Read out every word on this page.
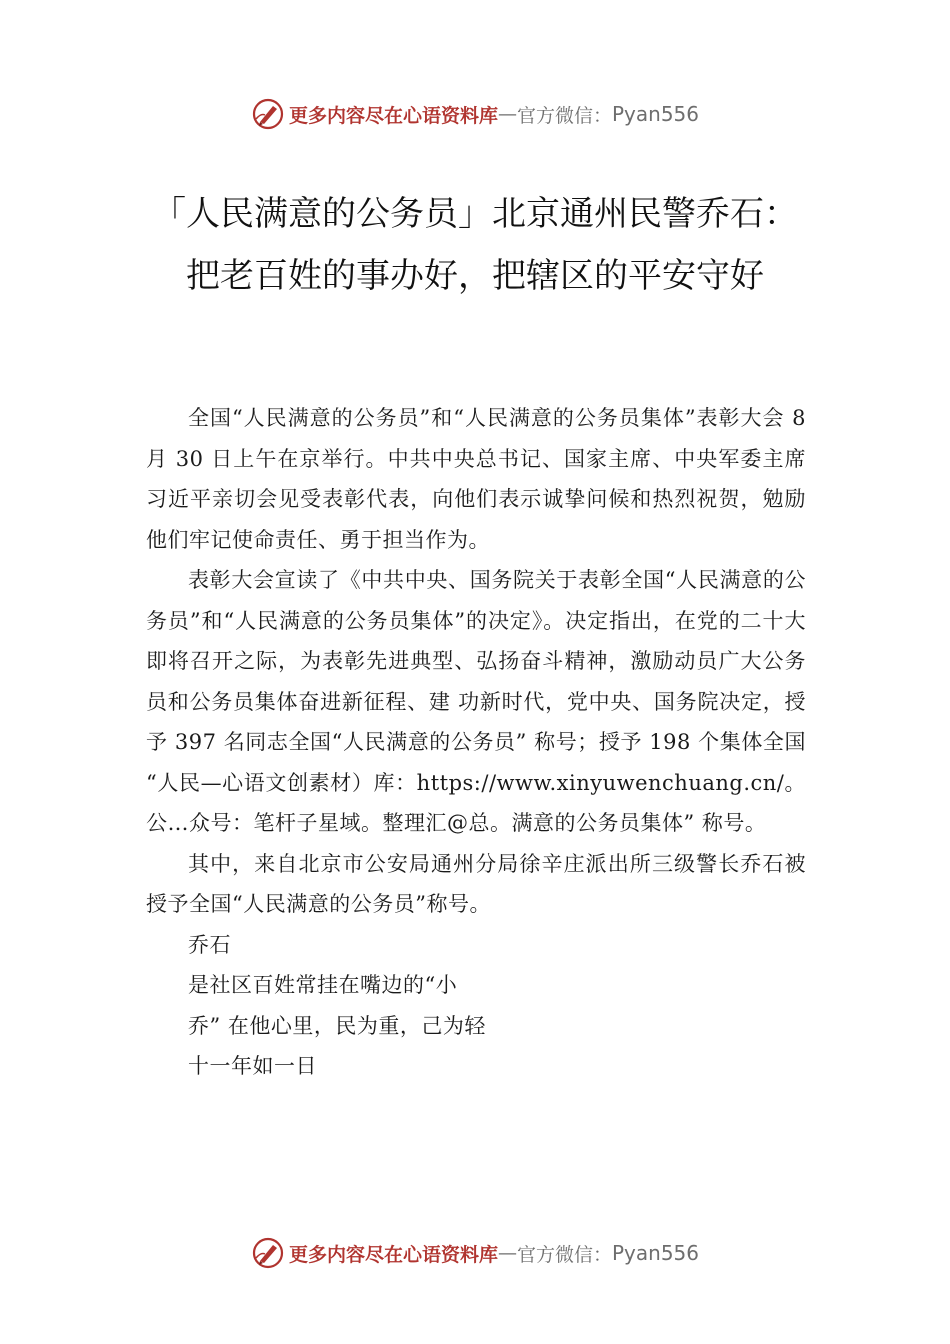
更多内容尽在心语资料库 — 官方微信： Pyan556
「人民满意的公务员」北京通州民警乔石：把老百姓的事办好，把辖区的平安守好

全国“人民满意的公务员”和“人民满意的公务员集体”表彰大会 8 月 30 日上午在京举行。中共中央总书记、国家主席、中央军委主席习近平亲切会见受表彰代表，向他们表示诚挚问候和热烈祝贺，勉励他们牢记使命责任、勇于担当作为。

表彰大会宣读了《中共中央、国务院关于表彰全国“人民满意的公务员”和“人民满意的公务员集体”的决定》。决定指出，在党的二十大即将召开之际，为表彰先进典型、弘扬奋斗精神，激励动员广大公务员和公务员集体奋进新征程、建 功新时代，党中央、国务院决定，授予 397 名同志全国“人民满意的公务员” 称号；授予 198 个集体全国 “人民—心语文创素材）库：https://www.xinyuwenchuang.cn/。公…众号：笔杆子星域。整理汇@总。满意的公务员集体” 称号。

其中，来自北京市公安局通州分局徐辛庄派出所三级警长乔石被授予全国“人民满意的公务员”称号。

乔石

是社区百姓常挂在嘴边的“小

乔” 在他心里，民为重，己为轻

十一年如一日

更多内容尽在心语资料库 — 官方微信： Pyan556
